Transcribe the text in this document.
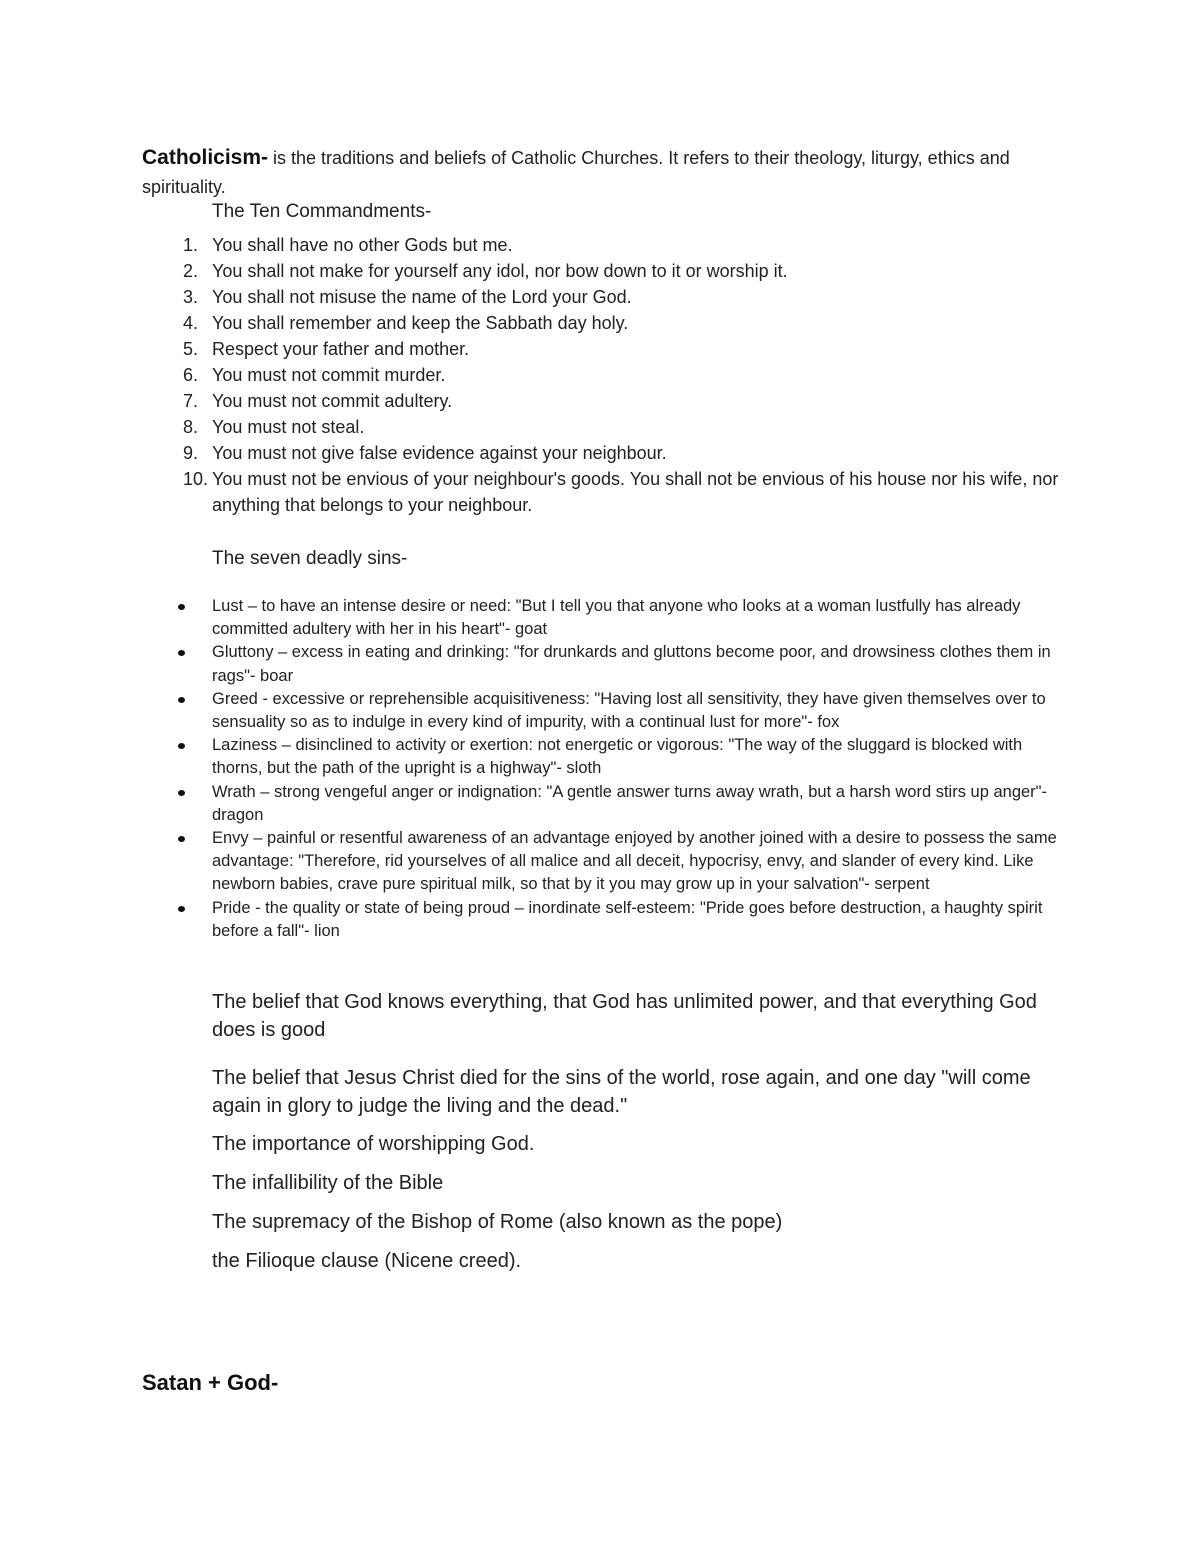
Catholicism- is the traditions and beliefs of Catholic Churches. It refers to their theology, liturgy, ethics and spirituality.
The Ten Commandments-
1. You shall have no other Gods but me.
2. You shall not make for yourself any idol, nor bow down to it or worship it.
3. You shall not misuse the name of the Lord your God.
4. You shall remember and keep the Sabbath day holy.
5. Respect your father and mother.
6. You must not commit murder.
7. You must not commit adultery.
8. You must not steal.
9. You must not give false evidence against your neighbour.
10. You must not be envious of your neighbour's goods. You shall not be envious of his house nor his wife, nor anything that belongs to your neighbour.
The seven deadly sins-
Lust – to have an intense desire or need: "But I tell you that anyone who looks at a woman lustfully has already committed adultery with her in his heart"- goat
Gluttony – excess in eating and drinking: "for drunkards and gluttons become poor, and drowsiness clothes them in rags"- boar
Greed - excessive or reprehensible acquisitiveness: "Having lost all sensitivity, they have given themselves over to sensuality so as to indulge in every kind of impurity, with a continual lust for more"- fox
Laziness – disinclined to activity or exertion: not energetic or vigorous: "The way of the sluggard is blocked with thorns, but the path of the upright is a highway"- sloth
Wrath – strong vengeful anger or indignation: "A gentle answer turns away wrath, but a harsh word stirs up anger"- dragon
Envy – painful or resentful awareness of an advantage enjoyed by another joined with a desire to possess the same advantage: "Therefore, rid yourselves of all malice and all deceit, hypocrisy, envy, and slander of every kind. Like newborn babies, crave pure spiritual milk, so that by it you may grow up in your salvation"- serpent
Pride - the quality or state of being proud – inordinate self-esteem: "Pride goes before destruction, a haughty spirit before a fall"- lion

The belief that God knows everything, that God has unlimited power, and that everything God does is good

The belief that Jesus Christ died for the sins of the world, rose again, and one day "will come again in glory to judge the living and the dead."

The importance of worshipping God.

The infallibility of the Bible

The supremacy of the Bishop of Rome (also known as the pope)

the Filioque clause (Nicene creed).

Satan + God-
